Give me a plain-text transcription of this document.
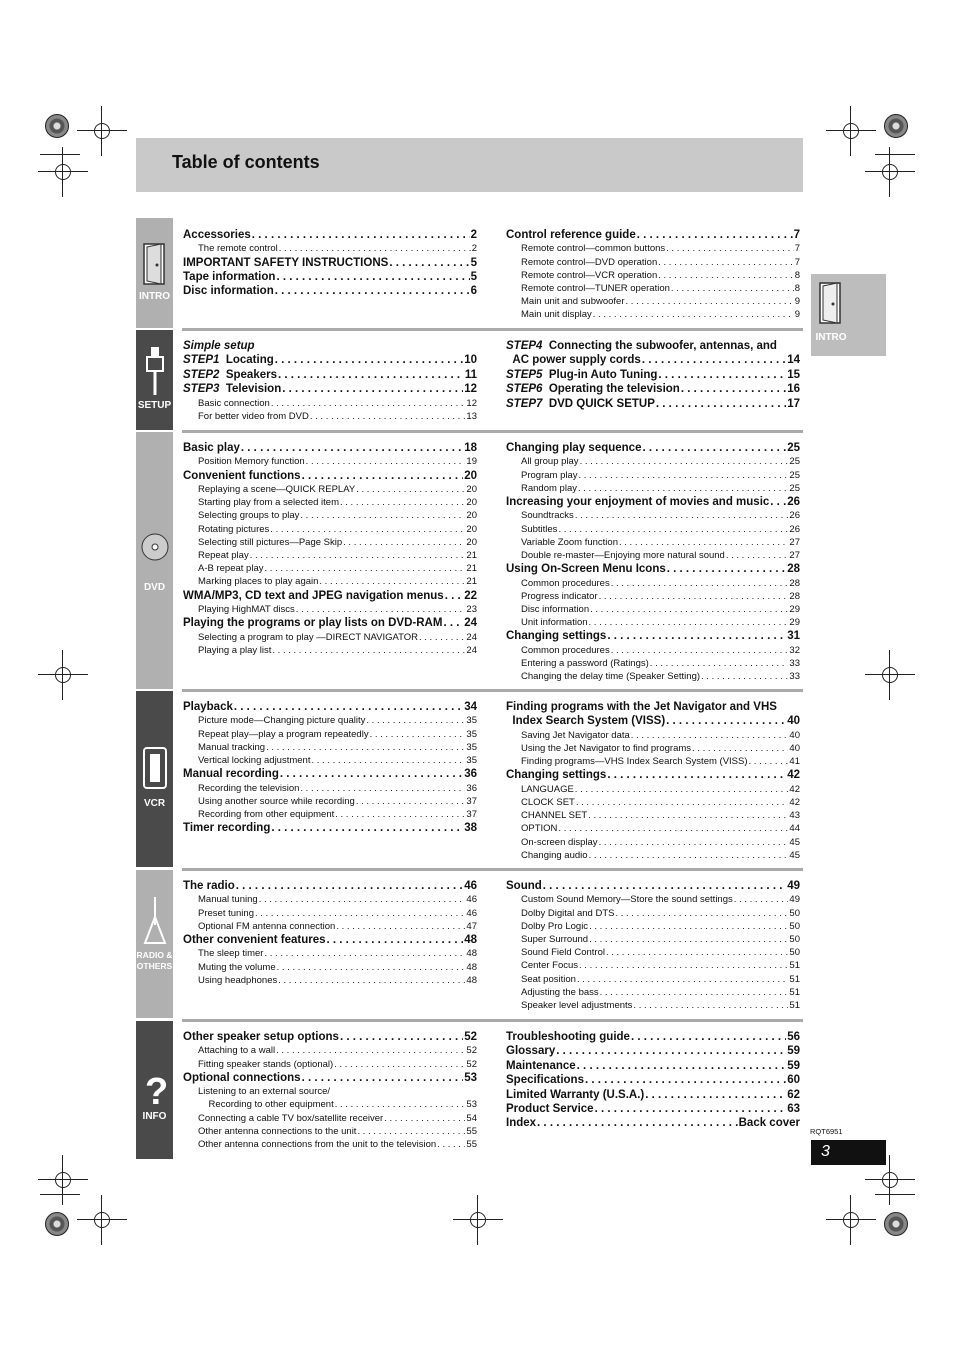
Table of contents
INTRO
Accessories . . .	2
The remote control . . .	2
IMPORTANT SAFETY INSTRUCTIONS . . .	5
Tape information . . .	5
Disc information . . .	6
Control reference guide . . .	7
Remote control—common buttons . . .	7
Remote control—DVD operation . . .	7
Remote control—VCR operation . . .	8
Remote control—TUNER operation . . .	8
Main unit and subwoofer . . .	9
Main unit display . . .	9
SETUP
Simple setup
STEP1  Locating . . .	10
STEP2  Speakers . . .	11
STEP3  Television . . .	12
Basic connection . . .	12
For better video from DVD . . .	13
STEP4  Connecting the subwoofer, antennas, and
AC power supply cords . . .	14
STEP5  Plug-in Auto Tuning . . .	15
STEP6  Operating the television . . .	16
STEP7  DVD QUICK SETUP . . .	17
DVD
Basic play . . .	18
Position Memory function . . .	19
Convenient functions . . .	20
Replaying a scene—QUICK REPLAY . . .	20
Starting play from a selected item . . .	20
Selecting groups to play . . .	20
Rotating pictures . . .	20
Selecting still pictures—Page Skip . . .	20
Repeat play . . .	21
A-B repeat play . . .	21
Marking places to play again . . .	21
WMA/MP3, CD text and JPEG navigation menus . . . 22
Playing HighMAT discs . . .	23
Playing the programs or play lists on DVD-RAM . . . 24
Selecting a program to play —DIRECT NAVIGATOR . . .	24
Playing a play list . . .	24
Changing play sequence . . .	25
All group play . . .	25
Program play . . .	25
Random play . . .	25
Increasing your enjoyment of movies and music . . . 26
Soundtracks . . .	26
Subtitles . . .	26
Variable Zoom function . . .	27
Double re-master—Enjoying more natural sound . . .	27
Using On-Screen Menu Icons . . .	28
Common procedures . . .	28
Progress indicator . . .	28
Disc information . . .	29
Unit information . . .	29
Changing settings . . .	31
Common procedures . . .	32
Entering a password (Ratings) . . .	33
Changing the delay time (Speaker Setting) . . .	33
VCR
Playback . . .	34
Picture mode—Changing picture quality . . .	35
Repeat play—play a program repeatedly . . .	35
Manual tracking . . .	35
Vertical locking adjustment . . .	35
Manual recording . . .	36
Recording the television . . .	36
Using another source while recording . . .	37
Recording from other equipment . . .	37
Timer recording . . .	38
Finding programs with the Jet Navigator and VHS
Index Search System (VISS) . . .	40
Saving Jet Navigator data . . .	40
Using the Jet Navigator to find programs . . .	40
Finding programs—VHS Index Search System (VISS) . . .	41
Changing settings . . .	42
LANGUAGE . . .	42
CLOCK SET . . .	42
CHANNEL SET . . .	43
OPTION . . .	44
On-screen display . . .	45
Changing audio . . .	45
RADIO & OTHERS
The radio . . .	46
Manual tuning . . .	46
Preset tuning . . .	46
Optional FM antenna connection . . .	47
Other convenient features . . .	48
The sleep timer . . .	48
Muting the volume . . .	48
Using headphones . . .	48
Sound . . .	49
Custom Sound Memory—Store the sound settings . . .	49
Dolby Digital and DTS . . .	50
Dolby Pro Logic . . .	50
Super Surround . . .	50
Sound Field Control . . .	50
Center Focus . . .	51
Seat position . . .	51
Adjusting the bass . . .	51
Speaker level adjustments . . .	51
?
INFO
Other speaker setup options . . .	52
Attaching to a wall . . .	52
Fitting speaker stands (optional) . . .	52
Optional connections . . .	53
Listening to an external source/
Recording to other equipment . . .	53
Connecting a cable TV box/satellite receiver . . .	54
Other antenna connections to the unit . . .	55
Other antenna connections from the unit to the television . . .	55
Troubleshooting guide . . .	56
Glossary . . .	59
Maintenance . . .	59
Specifications . . .	60
Limited Warranty (U.S.A.) . . .	62
Product Service . . .	63
Index . . .	Back cover
INTRO
RQT6951
3
